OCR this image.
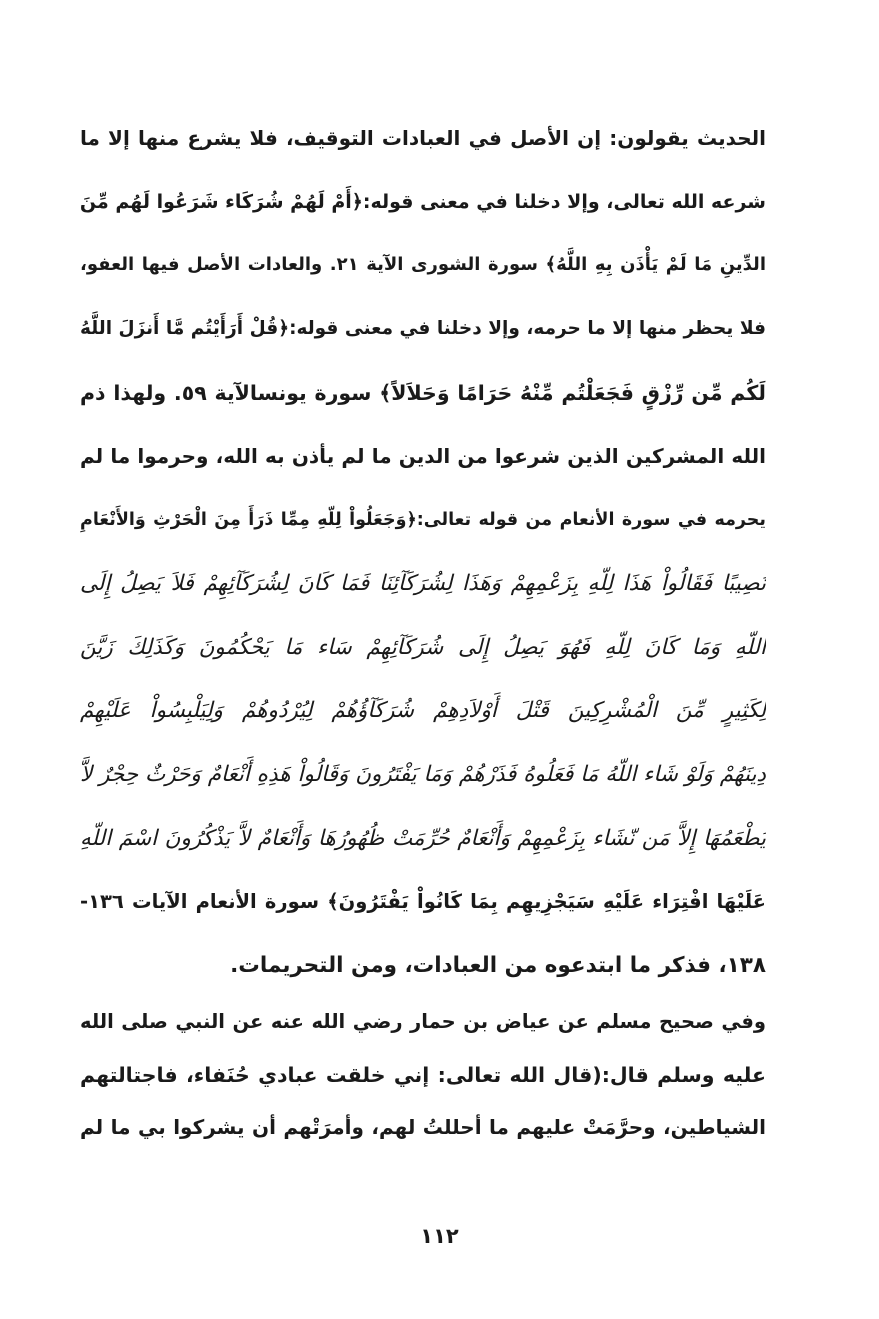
الحديث يقولون: إن الأصل في العبادات التوقيف، فلا يشرع منها إلا ما
شرعه الله تعالى، وإلا دخلنا في معنى قوله:﴿أَمْ لَهُمْ شُرَكَاء شَرَعُوا لَهُم مِّنَ
الدِّينِ مَا لَمْ يَأْذَن بِهِ اللَّهُ﴾ سورة الشورى الآية ٢١. والعادات الأصل فيها العفو،
فلا يحظر منها إلا ما حرمه، وإلا دخلنا في معنى قوله:﴿قُلْ أَرَأَيْتُم مَّا أَنزَلَ اللَّهُ
لَكُم مِّن رِّزْقٍ فَجَعَلْتُم مِّنْهُ حَرَامًا وَحَلاَلاً﴾ سورة يونسالآية ٥٩. ولهذا ذم
الله المشركين الذين شرعوا من الدين ما لم يأذن به الله، وحرموا ما لم
يحرمه في سورة الأنعام من قوله تعالى:﴿وَجَعَلُواْ لِلّهِ مِمِّا ذَرَأَ مِنَ الْحَرْثِ وَالأَنْعَامِ
نَصِيبًا فَقَالُواْ هَذَا لِلّهِ بِزَعْمِهِمْ وَهَذَا لِشُرَكَآئِنَا فَمَا كَانَ لِشُرَكَآئِهِمْ فَلاَ يَصِلُ إِلَى
اللّهِ وَمَا كَانَ لِلّهِ فَهُوَ يَصِلُ إِلَى شُرَكَآئِهِمْ سَاء مَا يَحْكُمُونَ وَكَذَلِكَ زَيَّنَ
لِكَثِيرٍ مِّنَ الْمُشْرِكِينَ قَتْلَ أَوْلاَدِهِمْ شُرَكَآؤُهُمْ لِيُرْدُوهُمْ وَلِيَلْبِسُواْ عَلَيْهِمْ
دِينَهُمْ وَلَوْ شَاء اللّهُ مَا فَعَلُوهُ فَذَرْهُمْ وَمَا يَفْتَرُونَ وَقَالُواْ هَذِهِ أَنْعَامٌ وَحَرْثٌ حِجْرٌ لاَّ
يَطْعَمُهَا إِلاَّ مَن نّشَاء بِزَعْمِهِمْ وَأَنْعَامٌ حُرِّمَتْ ظُهُورُهَا وَأَنْعَامٌ لاَّ يَذْكُرُونَ اسْمَ اللّهِ
عَلَيْهَا افْتِرَاء عَلَيْهِ سَيَجْزِيهِم بِمَا كَانُواْ يَفْتَرُونَ﴾ سورة الأنعام الآيات ١٣٦-
١٣٨، فذكر ما ابتدعوه من العبادات، ومن التحريمات.
وفي صحيح مسلم عن عياض بن حمار رضي الله عنه عن النبي صلى الله
عليه وسلم قال:(قال الله تعالى: إني خلقت عبادي حُنَفاء، فاجتالتهم
الشياطين، وحرَّمَتْ عليهم ما أحللتُ لهم، وأمرَتْهم أن يشركوا بي ما لم
١١٢
